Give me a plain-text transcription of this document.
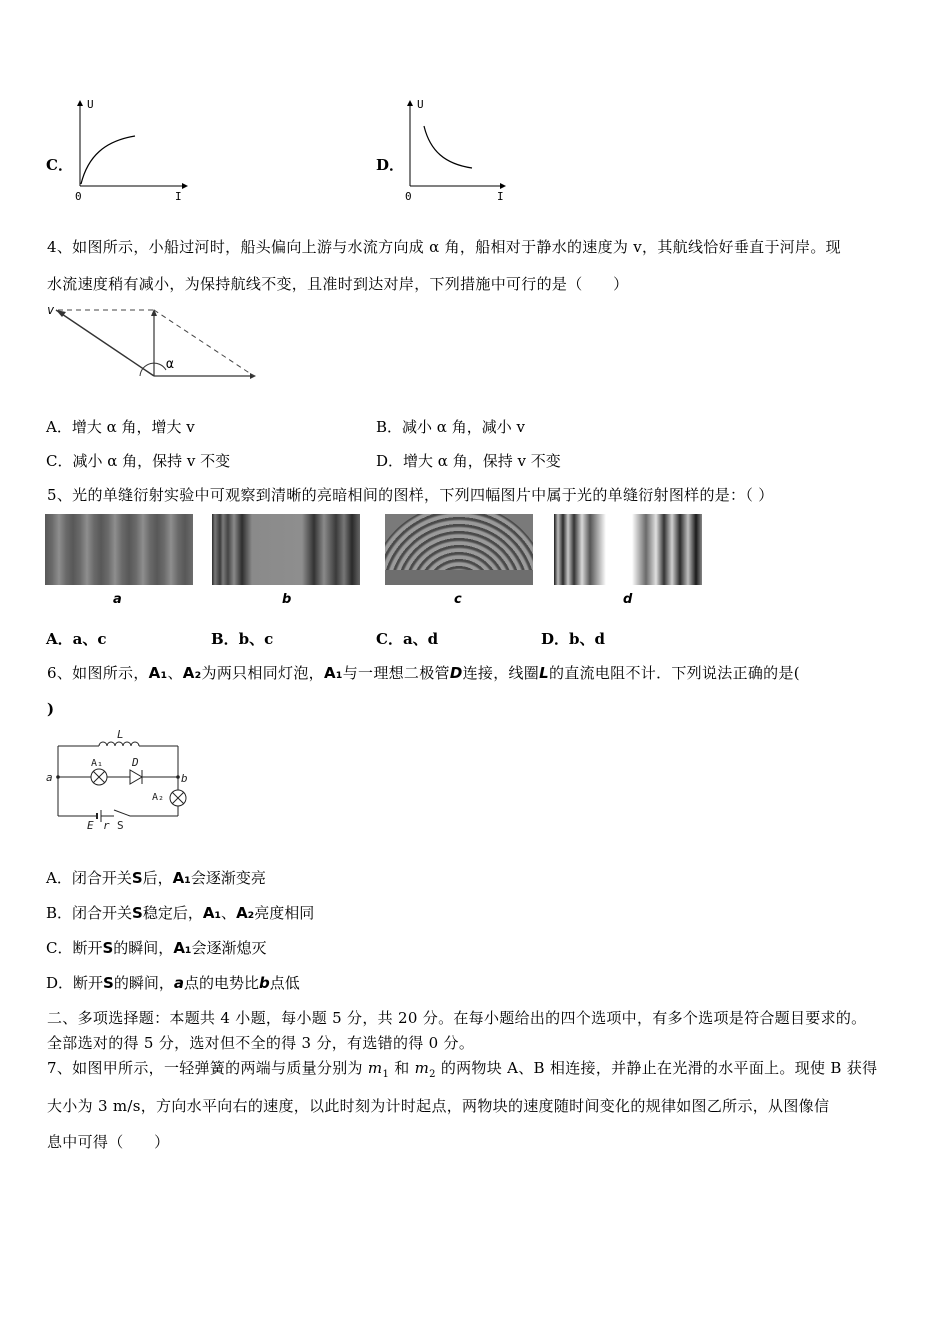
C．
U
I
0
D．
U
I
0
4、如图所示，小船过河时，船头偏向上游与水流方向成 α 角，船相对于静水的速度为 v，其航线恰好垂直于河岸。现
水流速度稍有减小，为保持航线不变，且准时到达对岸，下列措施中可行的是（　　）
v
α
A．增大 α 角，增大 v	B．减小 α 角，减小 v
C．减小 α 角，保持 v 不变	D．增大 α 角，保持 v 不变
5、光的单缝衍射实验中可观察到清晰的亮暗相间的图样，下列四幅图片中属于光的单缝衍射图样的是：（ ）
a	b	c	d
A．a、c	B．b、c	C．a、d	D．b、d
6、如图所示，A₁、A₂为两只相同灯泡，A₁与一理想二极管D连接，线圈L的直流电阻不计．下列说法正确的是(
)
L
a	b
A₁	D
A₂
E r S
A．闭合开关S后，A₁会逐渐变亮
B．闭合开关S稳定后，A₁、A₂亮度相同
C．断开S的瞬间，A₁会逐渐熄灭
D．断开S的瞬间，a点的电势比b点低
二、多项选择题：本题共 4 小题，每小题 5 分，共 20 分。在每小题给出的四个选项中，有多个选项是符合题目要求的。
全部选对的得 5 分，选对但不全的得 3 分，有选错的得 0 分。
7、如图甲所示，一轻弹簧的两端与质量分别为 $m_1$ 和 $m_2$ 的两物块 A、B 相连接，并静止在光滑的水平面上。现使 B 获得
大小为 3 m/s，方向水平向右的速度，以此时刻为计时起点，两物块的速度随时间变化的规律如图乙所示，从图像信
息中可得（　　）
